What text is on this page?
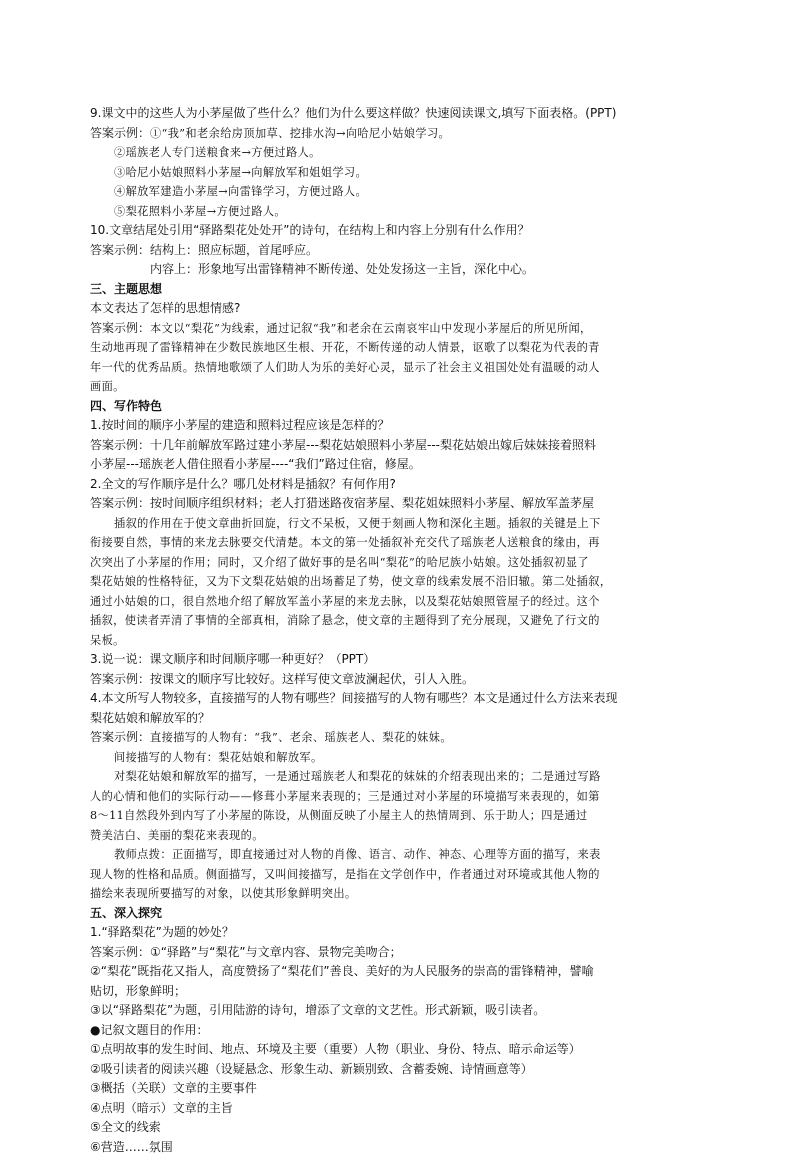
9.课文中的这些人为小茅屋做了些什么？他们为什么要这样做？快速阅读课文,填写下面表格。(PPT)
答案示例：①“我”和老余给房顶加草、挖排水沟→向哈尼小姑娘学习。
②瑶族老人专门送粮食来→方便过路人。
③哈尼小姑娘照料小茅屋→向解放军和姐姐学习。
④解放军建造小茅屋→向雷锋学习，方便过路人。
⑤梨花照料小茅屋→方便过路人。
10.文章结尾处引用“驿路梨花处处开”的诗句，在结构上和内容上分别有什么作用？
答案示例：结构上：照应标题，首尾呼应。
内容上：形象地写出雷锋精神不断传递、处处发扬这一主旨，深化中心。
三、主题思想
本文表达了怎样的思想情感?
答案示例：本文以“梨花”为线索，通过记叙“我”和老余在云南哀牢山中发现小茅屋后的所见所闻，
生动地再现了雷锋精神在少数民族地区生根、开花，不断传递的动人情景，讴歌了以梨花为代表的青
年一代的优秀品质。热情地歌颂了人们助人为乐的美好心灵，显示了社会主义祖国处处有温暖的动人
画面。
四、写作特色
1.按时间的顺序小茅屋的建造和照料过程应该是怎样的？
答案示例：十几年前解放军路过建小茅屋---梨花姑娘照料小茅屋---梨花姑娘出嫁后妹妹接着照料
小茅屋---瑶族老人借住照看小茅屋----“我们”路过住宿，修屋。
2.全文的写作顺序是什么？哪几处材料是插叙？有何作用?
答案示例：按时间顺序组织材料；老人打猎迷路夜宿茅屋、梨花姐妹照料小茅屋、解放军盖茅屋
插叙的作用在于使文章曲折回旋，行文不呆板，又便于刻画人物和深化主题。插叙的关键是上下
衔接要自然，事情的来龙去脉要交代清楚。本文的第一处插叙补充交代了瑶族老人送粮食的缘由，再
次突出了小茅屋的作用；同时，又介绍了做好事的是名叫“梨花”的哈尼族小姑娘。这处插叙初显了
梨花姑娘的性格特征，又为下文梨花姑娘的出场蓄足了势，使文章的线索发展不沿旧辙。第二处插叙，
通过小姑娘的口，很自然地介绍了解放军盖小茅屋的来龙去脉，以及梨花姑娘照管屋子的经过。这个
插叙，使读者弄清了事情的全部真相，消除了悬念，使文章的主题得到了充分展现，又避免了行文的
呆板。
3.说一说：课文顺序和时间顺序哪一种更好？（PPT）
答案示例：按课文的顺序写比较好。这样写使文章波澜起伏，引人入胜。
4.本文所写人物较多，直接描写的人物有哪些？间接描写的人物有哪些？本文是通过什么方法来表现
梨花姑娘和解放军的？
答案示例：直接描写的人物有：“我”、老余、瑶族老人、梨花的妹妹。
间接描写的人物有：梨花姑娘和解放军。
对梨花姑娘和解放军的描写，一是通过瑶族老人和梨花的妹妹的介绍表现出来的；二是通过写路
人的心情和他们的实际行动——修葺小茅屋来表现的；三是通过对小茅屋的环境描写来表现的，如第
8～11自然段外到内写了小茅屋的陈设，从侧面反映了小屋主人的热情周到、乐于助人；四是通过
赞美洁白、美丽的梨花来表现的。
教师点拨：正面描写，即直接通过对人物的肖像、语言、动作、神态、心理等方面的描写，来表
现人物的性格和品质。侧面描写，又叫间接描写，是指在文学创作中，作者通过对环境或其他人物的
描绘来表现所要描写的对象，以使其形象鲜明突出。
五、深入探究
1.“驿路梨花”为题的妙处？
答案示例：①“驿路”与“梨花”与文章内容、景物完美吻合；
②“梨花”既指花又指人，高度赞扬了“梨花们”善良、美好的为人民服务的崇高的雷锋精神，譬喻
贴切，形象鲜明；
③以“驿路梨花”为题，引用陆游的诗句，增添了文章的文艺性。形式新颖，吸引读者。
●记叙文题目的作用：
①点明故事的发生时间、地点、环境及主要（重要）人物（职业、身份、特点、暗示命运等）
②吸引读者的阅读兴趣（设疑悬念、形象生动、新颖别致、含蓄委婉、诗情画意等）
③概括（关联）文章的主要事件
④点明（暗示）文章的主旨
⑤全文的线索
⑥营造……氛围
